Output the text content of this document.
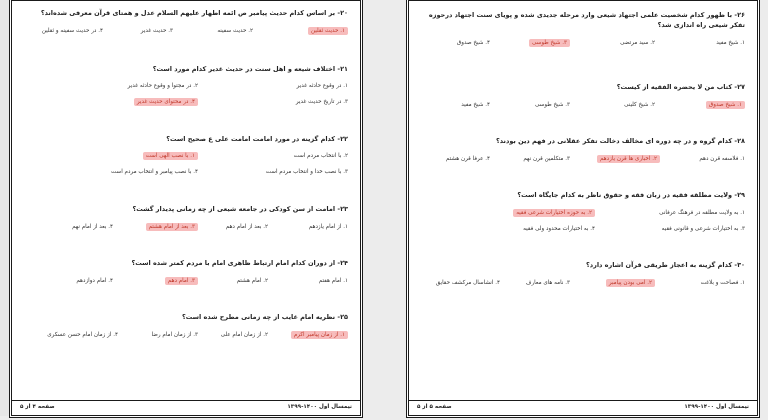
۲۰- بر اساس کدام حدیث پیامبر ص ائمه اطهار علیهم السلام عدل و همتای قرآن معرفی شده‌اند؟
۱. حدیث ثقلین
۲. حدیث سفینه
۳. حدیث غدیر
۴. در حدیث سفینه و ثقلین
۲۱- اختلاف شیعه و اهل سنت در حدیث غدیر کدام مورد است؟
۱. در وقوع حادثه غدیر
۲. در مجتوا و وقوع حادثه غدیر
۳. در تاریخ حدیث غدیر
۴. در محتوای حدیث غدیر
۲۲- کدام گزینه در مورد امامت امامت علی ع صحیح است؟
۱. با نصب الهی است	۲. با انتخاب مردم است
۳. با نصب خدا و انتخاب مردم است
۴. با نصب پیامبر و انتخاب مردم است
۲۳- امامت از سن کودکی در جامعه شیعی از چه زمانی پدیدار گشت؟
۱. از امام یازدهم
۲. بعد از امام دهم
۳. بعد از امام هشتم
۴. بعد از امام نهم
۲۴- از دوران کدام امام ارتباط ظاهری امام با مردم کمتر شده است؟
۱. امام هفتم
۲. امام هشتم
۳. امام دهم
۴. امام دوازدهم
۲۵- نظریه امام غایب از چه زمانی مطرح شده است؟
۱. از زمان پیامبر اکرم
۲. از زمان امام علی
۳. از زمان امام رضا
۴. از زمان امام حسن عسکری
نیمسال اول ۱۴۰۰-۱۳۹۹
صفحه ۴ از ۵
۲۶- با ظهور کدام شخصیت علمی اجتهاد شیعی وارد مرحله جدیدی شده و پویای سنت اجتهاد درحوزه تفکر شیعی راه اندازی شد؟
۱. شیخ مفید
۲. سید مرتضی
۳. شیخ طوسی
۴. شیخ صدوق
۲۷- کتاب من لا یحضره الفقیه از کیست؟
۱. شیخ صدوق
۲. شیخ کلینی
۳. شیخ طوسی
۴. شیخ مفید
۲۸- کدام گروه و در چه دوره ای مخالف دخالت تفکر عقلانی در فهم دین بودند؟
۱. فلاسفه قرن دهم
۲. اخباری ها قرن یازدهم
۳. متکلمین قرن نهم
۴. عرفا قرن هشتم
۲۹- ولایت مطلقه فقیه در زبان فقه و حقوق ناظر به کدام جایگاه است؟
۱. به ولایت مطلقه در فرهنگ عرفانی
۲. به حوزه اختیارات شرعی فقیه
۳. به اختیارات شرعی و قانونی فقیه
۴. به اختیارات محدود ولی فقیه
۳۰- کدام گزینه به اعجاز طریقی قرآن اشاره دارد؟
۱. فصاحت و بلاغت
۲. امی بودن پیامبر
۳. نامه های معارف
۴. انشاسال مرکشف حقایق
نیمسال اول ۱۴۰۰-۱۳۹۹
صفحه ۵ از ۵
